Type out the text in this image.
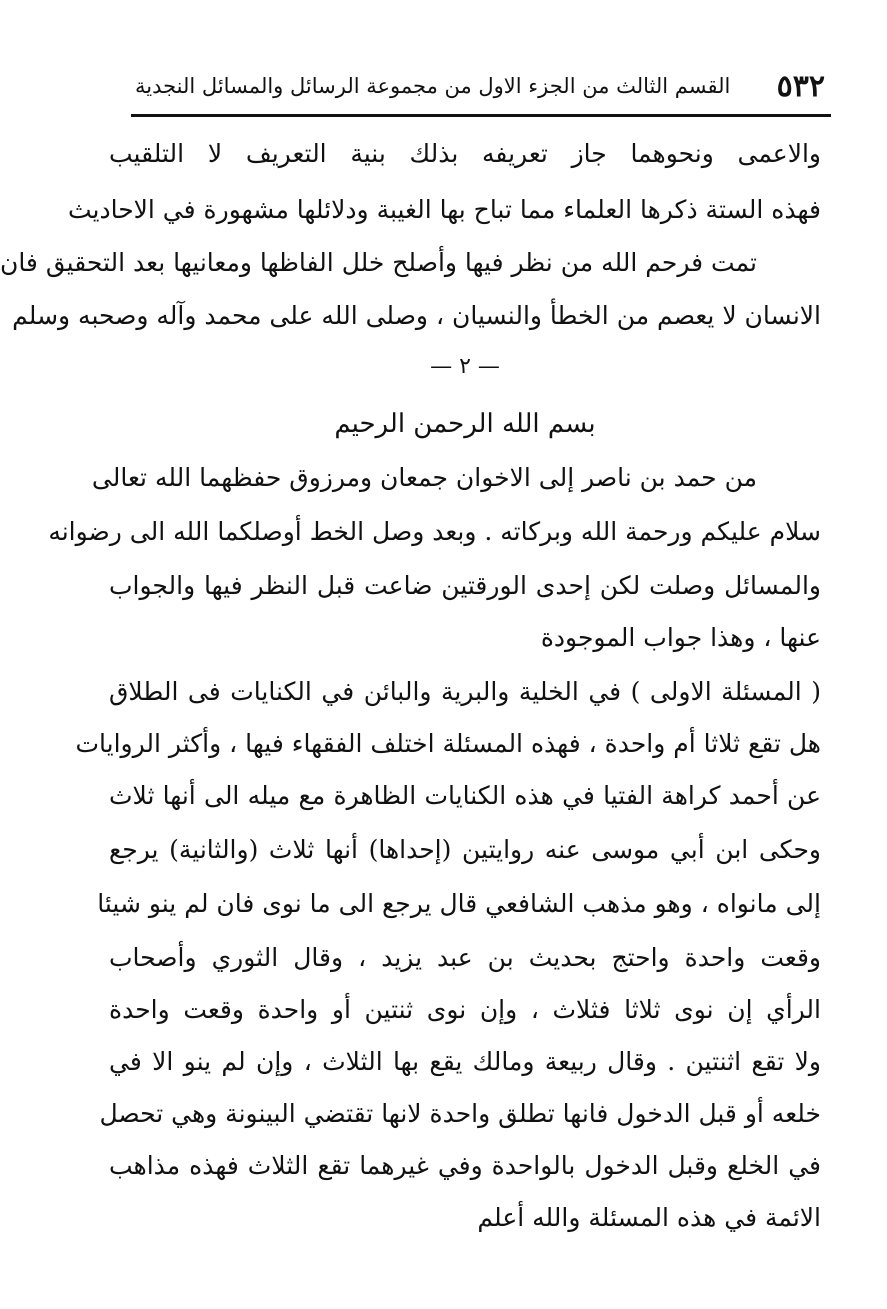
٥٣٢
القسم الثالث من الجزء الاول من مجموعة الرسائل والمسائل النجدية
والاعمى ونحوهما جاز تعريفه بذلك بنية التعريف لا التلقيب
فهذه الستة ذكرها العلماء مما تباح بها الغيبة ودلائلها مشهورة في الاحاديث
تمت فرحم الله من نظر فيها وأصلح خلل الفاظها ومعانيها بعد التحقيق فان
الانسان لا يعصم من الخطأ والنسيان ، وصلى الله على محمد وآله وصحبه وسلم
— ٢ —
بسم الله الرحمن الرحيم
من حمد بن ناصر إلى الاخوان جمعان ومرزوق حفظهما الله تعالى
سلام عليكم ورحمة الله وبركاته . وبعد وصل الخط أوصلكما الله الى رضوانه
والمسائل وصلت لكن إحدى الورقتين ضاعت قبل النظر فيها والجواب
عنها ، وهذا جواب الموجودة
( المسئلة الاولى ) في الخلية والبرية والبائن في الكنايات فى الطلاق
هل تقع ثلاثا أم واحدة ، فهذه المسئلة اختلف الفقهاء فيها ، وأكثر الروايات
عن أحمد كراهة الفتيا في هذه الكنايات الظاهرة مع ميله الى أنها ثلاث
وحكى ابن أبي موسى عنه روايتين (إحداها) أنها ثلاث (والثانية) يرجع
إلى مانواه ، وهو مذهب الشافعي قال يرجع الى ما نوى فان لم ينو شيئا
وقعت واحدة واحتج بحديث بن عبد يزيد ، وقال الثوري وأصحاب
الرأي إن نوى ثلاثا فثلاث ، وإن نوى ثنتين أو واحدة وقعت واحدة
ولا تقع اثنتين . وقال ربيعة ومالك يقع بها الثلاث ، وإن لم ينو الا في
خلعه أو قبل الدخول فانها تطلق واحدة لانها تقتضي البينونة وهي تحصل
في الخلع وقبل الدخول بالواحدة وفي غيرهما تقع الثلاث فهذه مذاهب
الائمة في هذه المسئلة والله أعلم
